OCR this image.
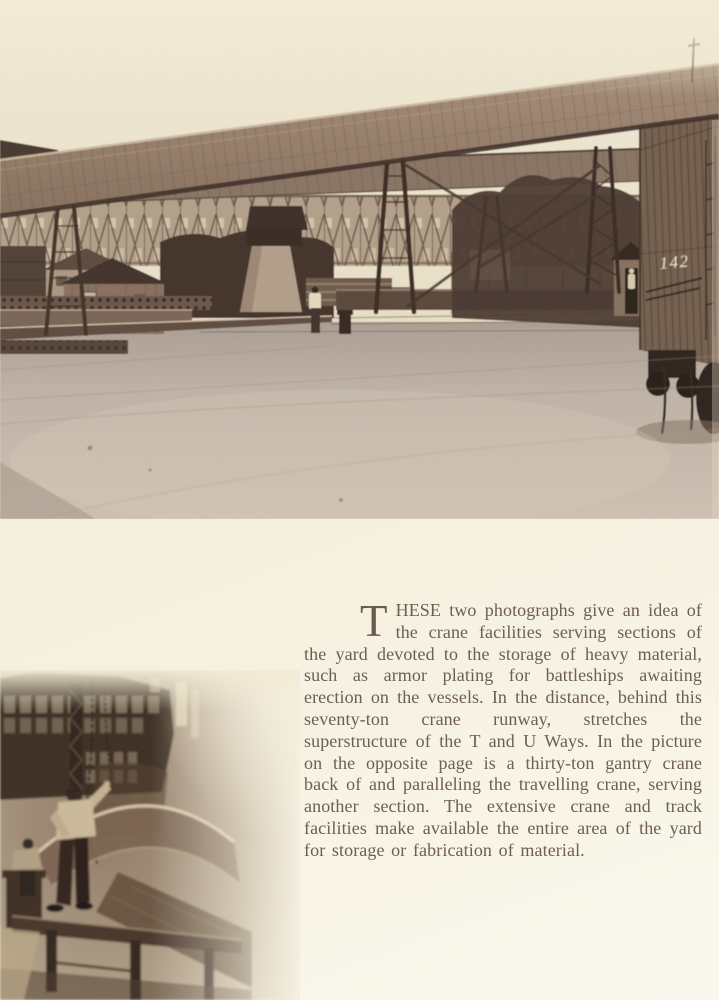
142

THESE two photographs give an idea of the crane facilities serving sections of the yard devoted to the storage of heavy material, such as armor plating for battleships awaiting erection on the vessels. In the distance, behind this seventy-ton crane runway, stretches the superstructure of the T and U Ways. In the picture on the opposite page is a thirty-ton gantry crane back of and paralleling the travelling crane, serving another section. The extensive crane and track facilities make available the entire area of the yard for storage or fabrication of material.
